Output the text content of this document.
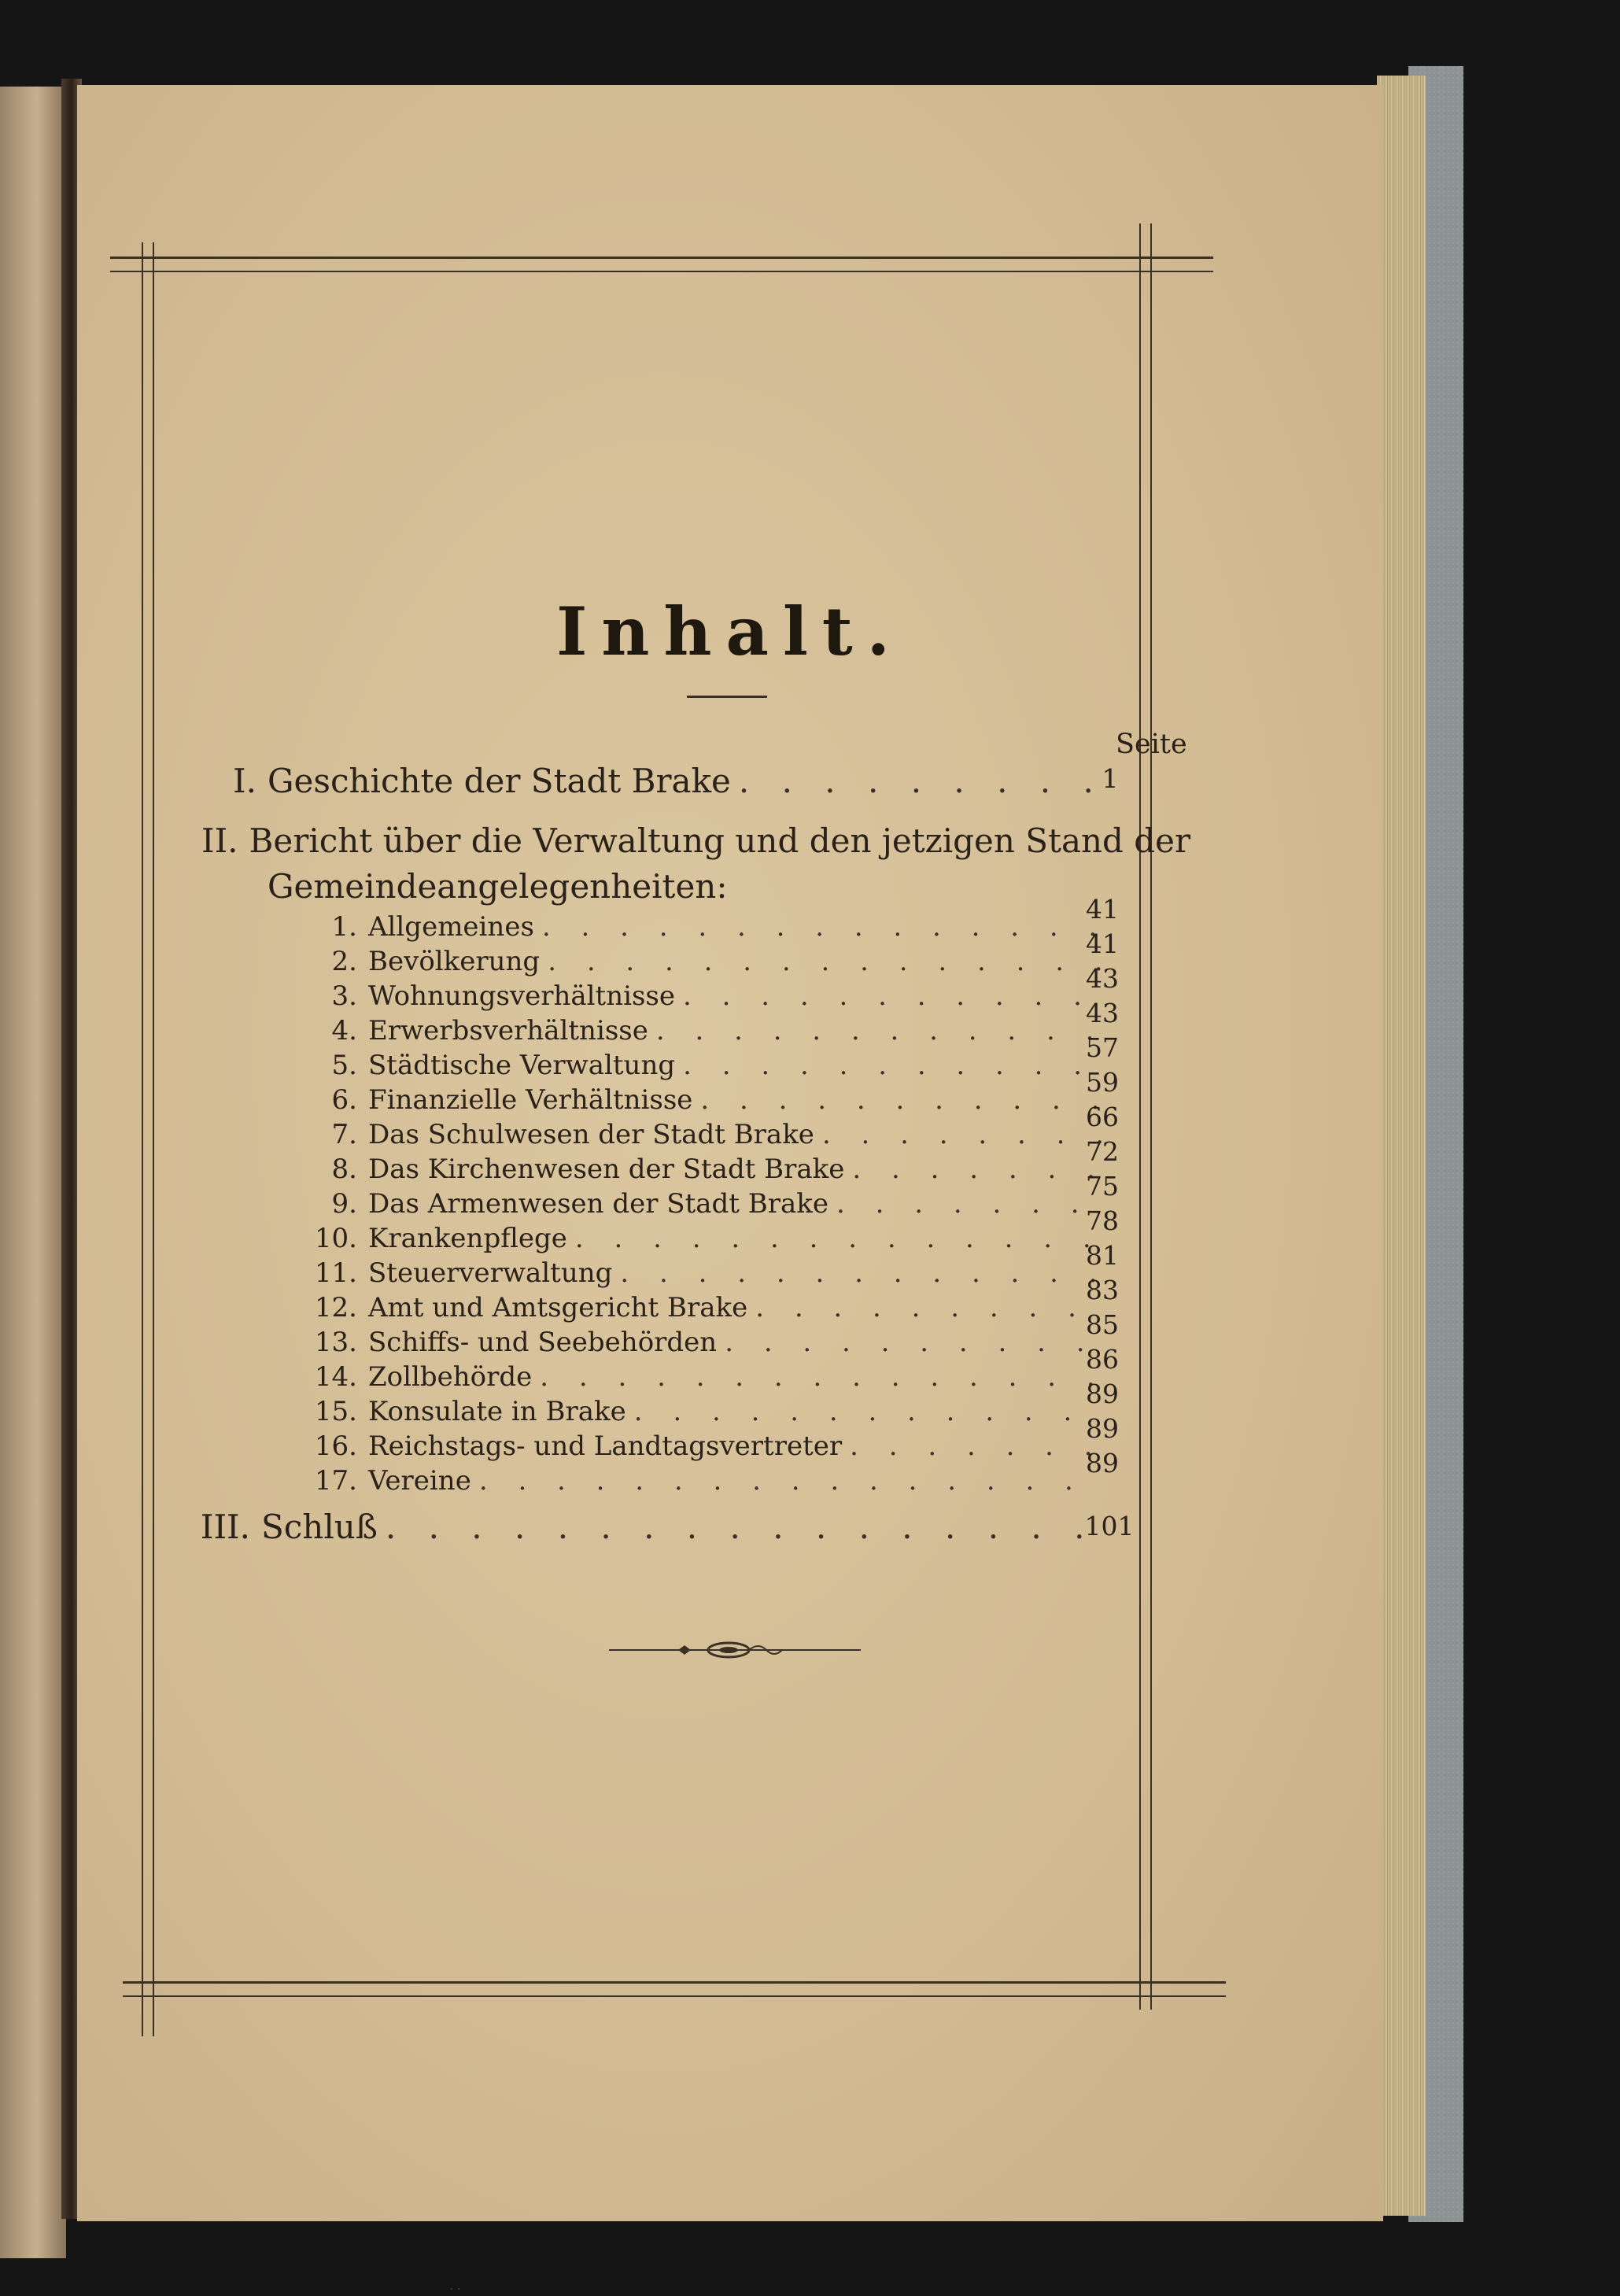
Inhalt.
Seite
I. Geschichte der Stadt Brake . . .	1
II. Bericht über die Verwaltung und den jetzigen Stand der
Gemeindeangelegenheiten:
1. Allgemeines
. . .
41
2. Bevölkerung
. . .
41
3. Wohnungsverhältnisse
. . .
43
4. Erwerbsverhältnisse
. . .
43
5. Städtische Verwaltung
. . .
57
6. Finanzielle Verhältnisse
. . .
59
7. Das Schulwesen der Stadt Brake
. . .
66
8. Das Kirchenwesen der Stadt Brake
. . .
72
9. Das Armenwesen der Stadt Brake
. . .
75
10. Krankenpflege
. . .
78
11. Steuerverwaltung
. . .
81
12. Amt und Amtsgericht Brake
. . .
83
13. Schiffs- und Seebehörden
. . .
85
14. Zollbehörde
. . .
86
15. Konsulate in Brake
. . .
89
16. Reichstags- und Landtagsvertreter
. . .
89
17. Vereine
. . .
89
III. Schluß . . .	101
· ·
